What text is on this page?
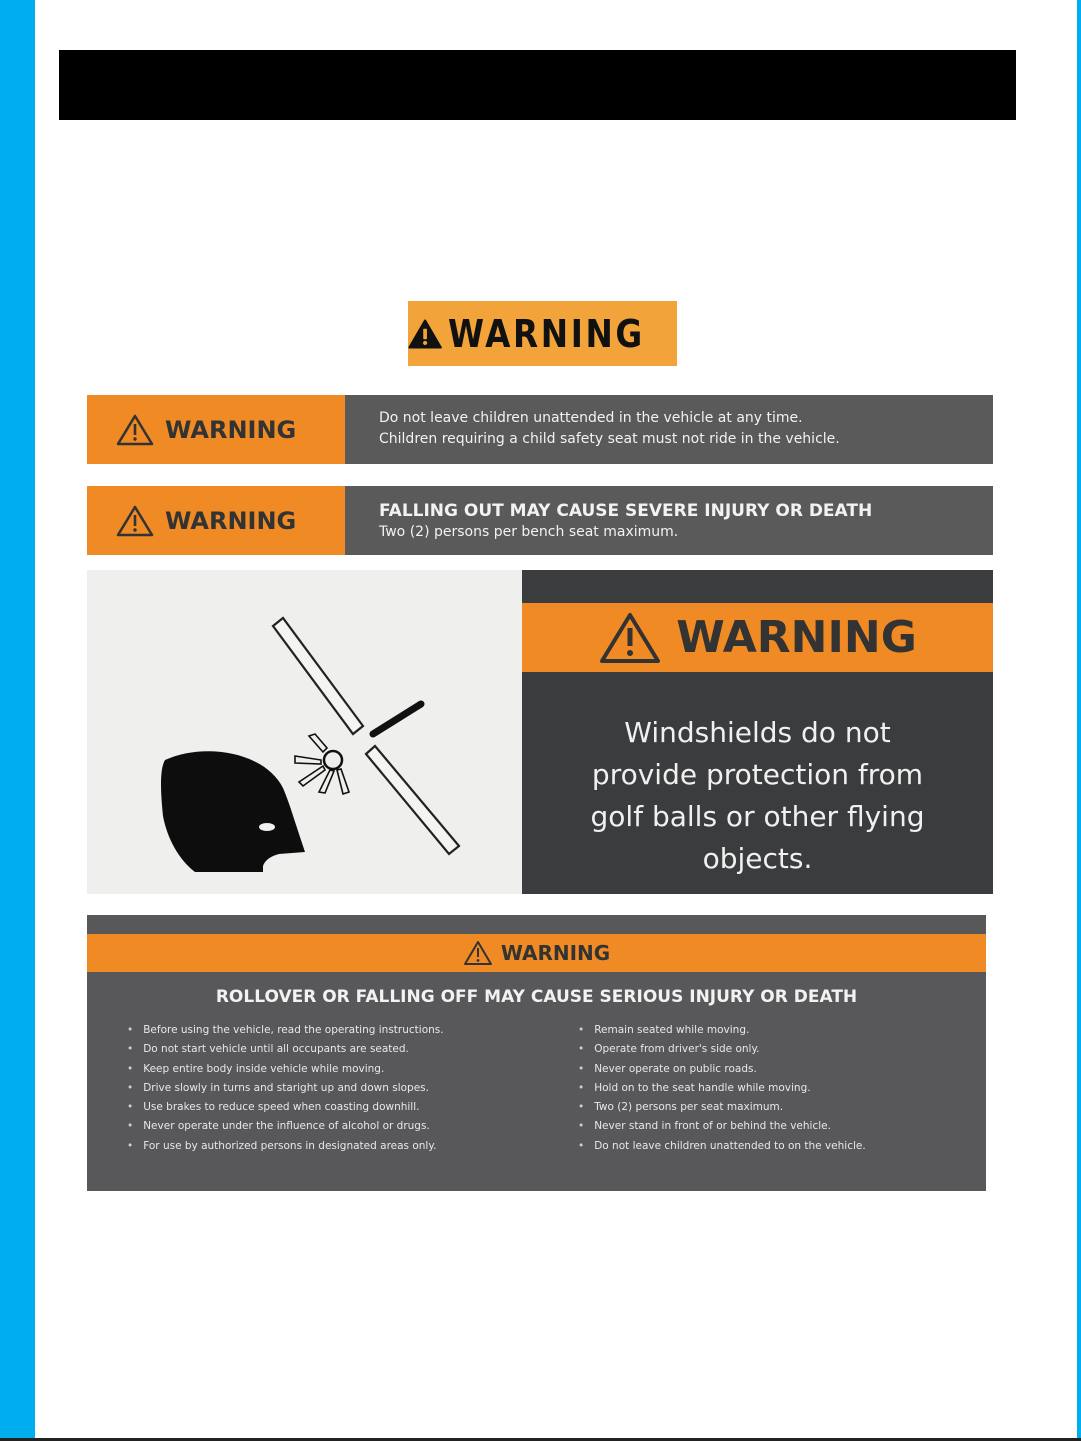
WARNING
WARNING	Do not leave children unattended in the vehicle at any time.
Children requiring a child safety seat must not ride in the vehicle.
WARNING	FALLING OUT MAY CAUSE SEVERE INJURY OR DEATH
Two (2) persons per bench seat maximum.
WARNING
Windshields do not
provide protection from
golf balls or other flying
objects.
WARNING
ROLLOVER OR FALLING OFF MAY CAUSE SERIOUS INJURY OR DEATH
• Before using the vehicle, read the operating instructions.
• Do not start vehicle until all occupants are seated.
• Keep entire body inside vehicle while moving.
• Drive slowly in turns and staright up and down slopes.
• Use brakes to reduce speed when coasting downhill.
• Never operate under the influence of alcohol or drugs.
• For use by authorized persons in designated areas only.
• Remain seated while moving.
• Operate from driver's side only.
• Never operate on public roads.
• Hold on to the seat handle while moving.
• Two (2) persons per seat maximum.
• Never stand in front of or behind the vehicle.
• Do not leave children unattended to on the vehicle.
